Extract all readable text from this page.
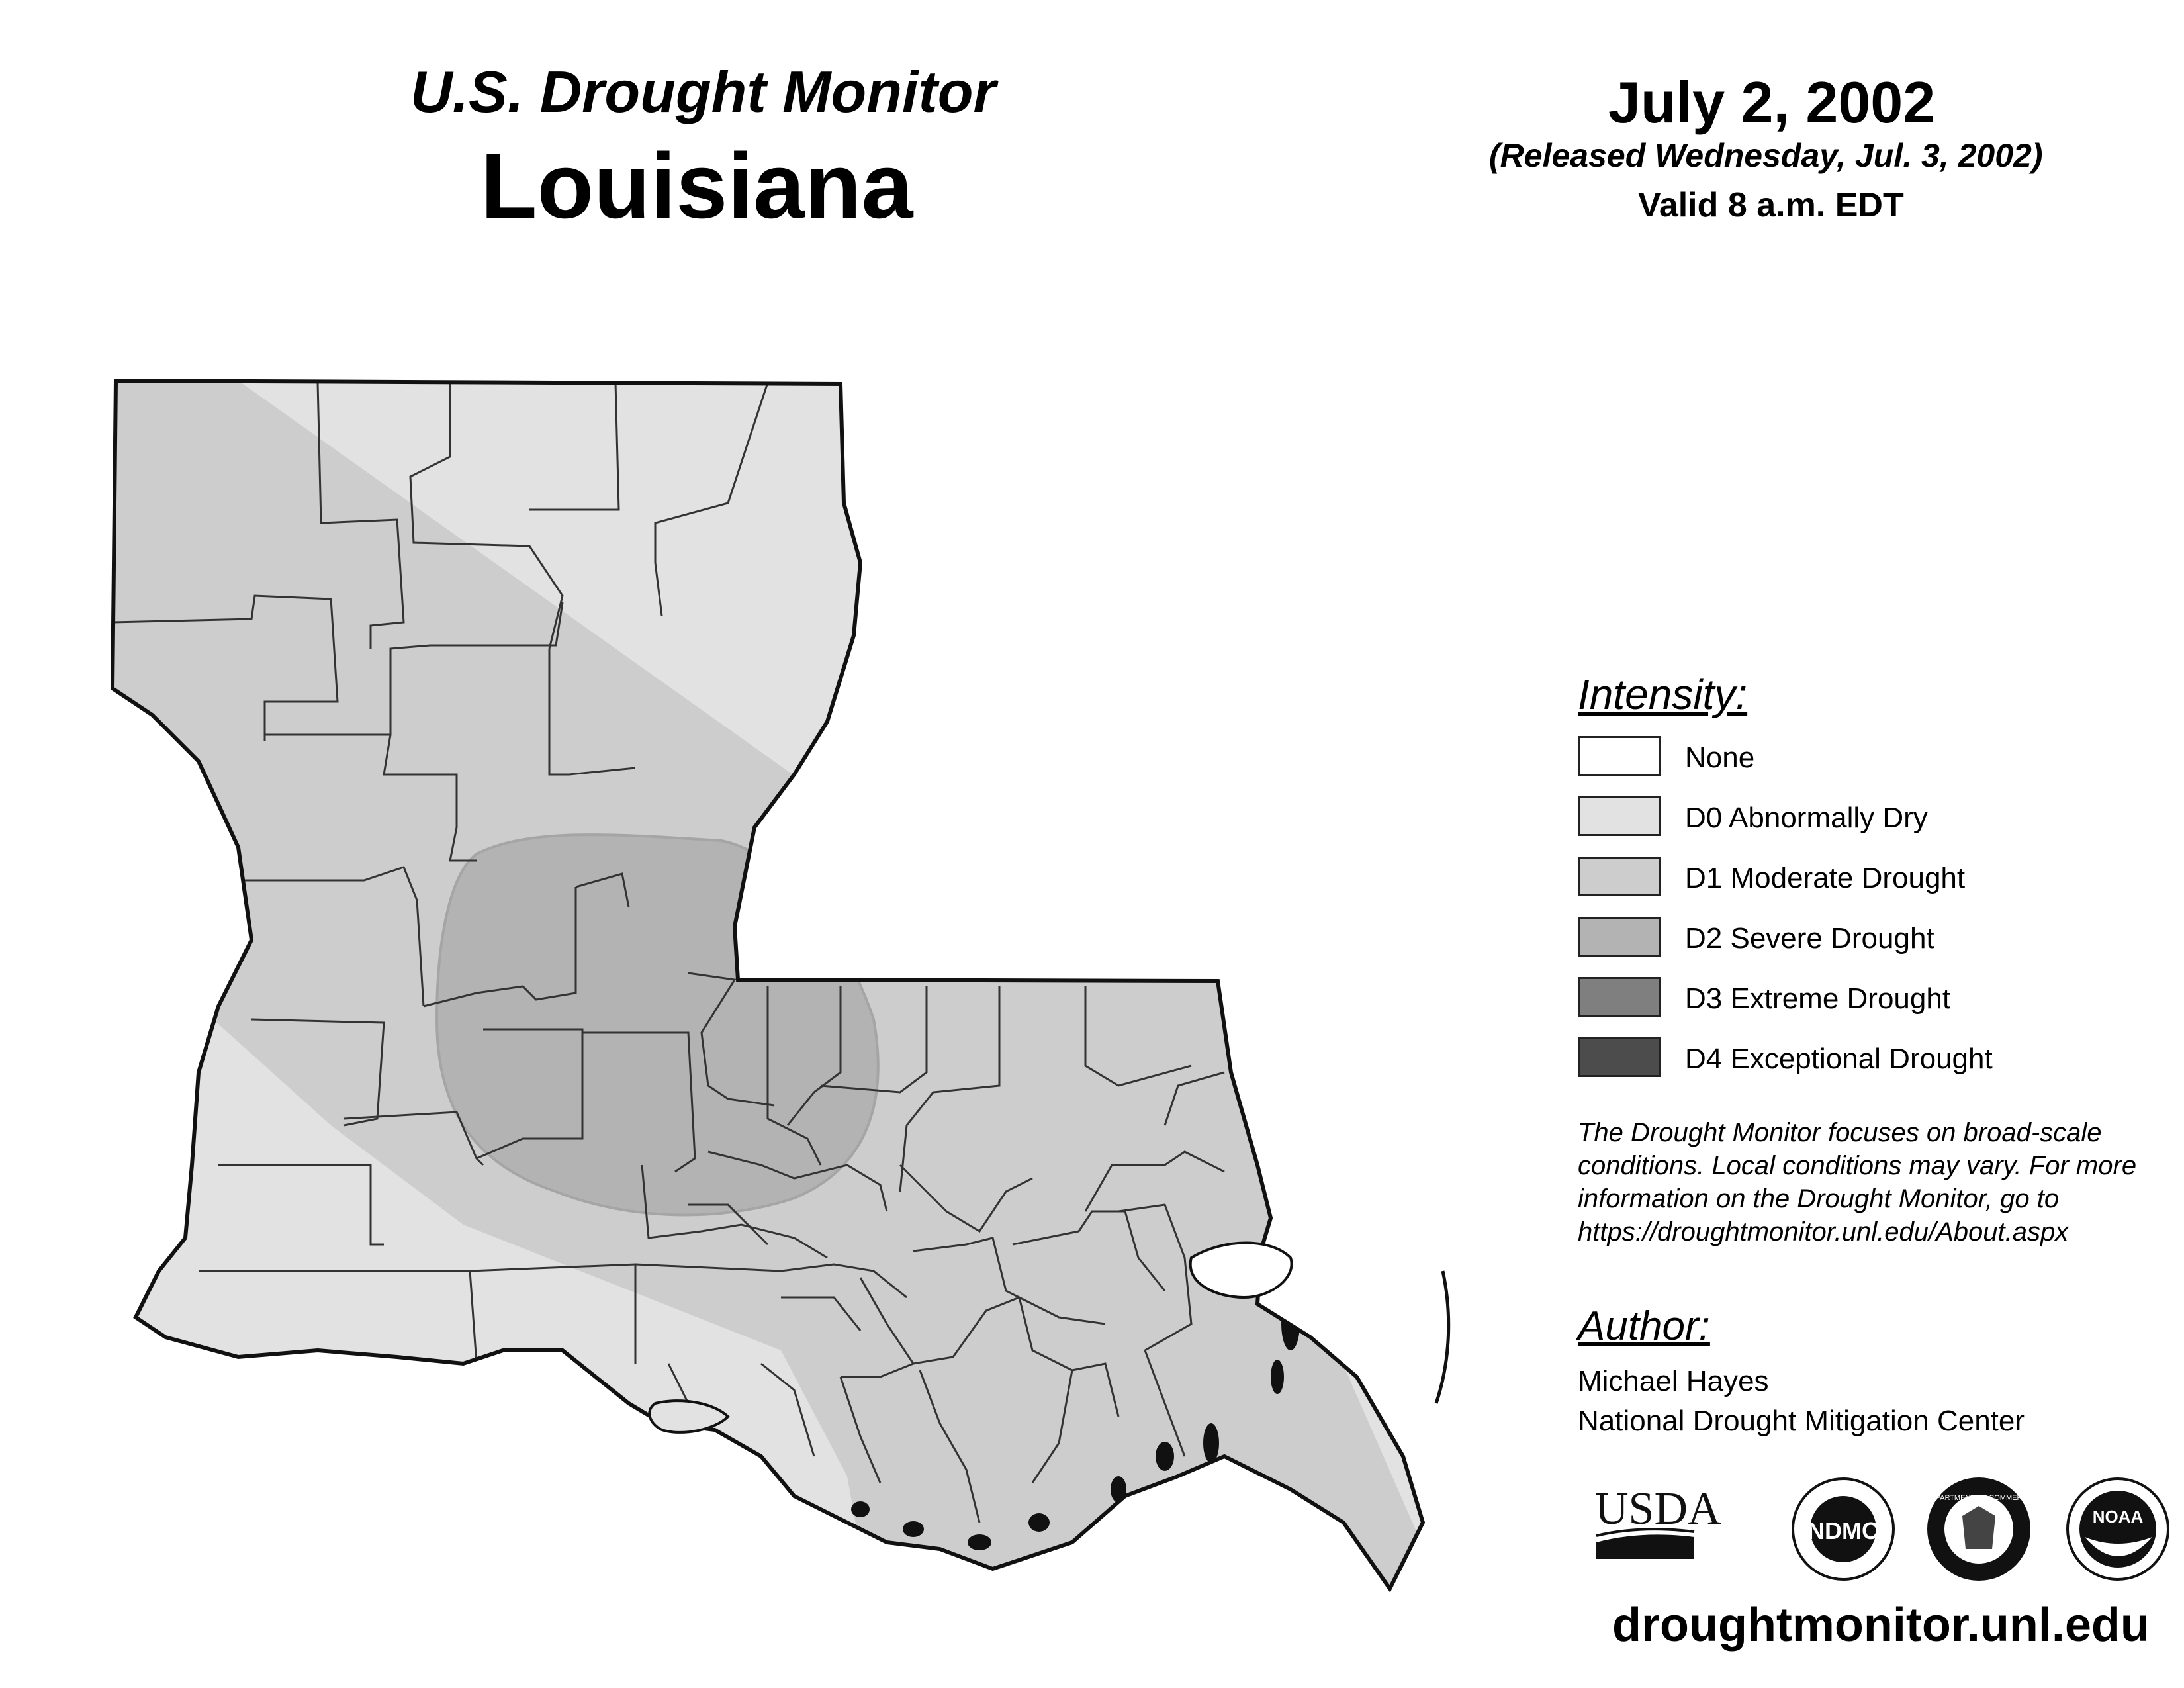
U.S. Drought Monitor
Louisiana
July 2, 2002
(Released Wednesday, Jul. 3, 2002)
Valid 8 a.m. EDT
Intensity:
None
D0 Abnormally Dry
D1 Moderate Drought
D2 Severe Drought
D3 Extreme Drought
D4 Exceptional Drought
The Drought Monitor focuses on broad-scale
conditions. Local conditions may vary. For more
information on the Drought Monitor, go to
https://droughtmonitor.unl.edu/About.aspx
Author:
Michael Hayes
National Drought Mitigation Center
USDA	NDMC
DEPARTMENT OF COMMERCE
NOAA
droughtmonitor.unl.edu
